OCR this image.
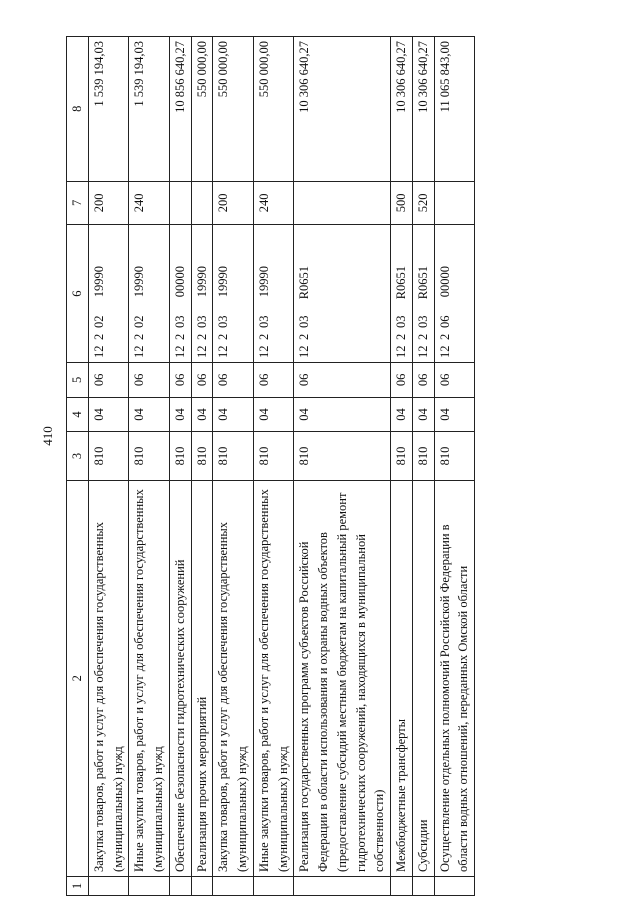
410
1	2	3	4	5	6	7	8
	Закупка товаров, работ и услуг для обеспечения государственных (муниципальных) нужд	810	04	06	1220219990	200	1 539 194,03
	Иные закупки товаров, работ и услуг для обеспечения государственных (муниципальных) нужд	810	04	06	1220219990	240	1 539 194,03
	Обеспечение безопасности гидротехнических сооружений	810	04	06	1220300000		10 856 640,27
	Реализация прочих мероприятий	810	04	06	1220319990		550 000,00
	Закупка товаров, работ и услуг для обеспечения государственных (муниципальных) нужд	810	04	06	1220319990	200	550 000,00
	Иные закупки товаров, работ и услуг для обеспечения государственных (муниципальных) нужд	810	04	06	1220319990	240	550 000,00
	Реализация государственных программ субъектов Российской Федерации в области использования и охраны водных объектов (предоставление субсидий местным бюджетам на капитальный ремонт гидротехнических сооружений, находящихся в муниципальной собственности)	810	04	06	12203R0651		10 306 640,27
	Межбюджетные трансферты	810	04	06	12203R0651	500	10 306 640,27
	Субсидии	810	04	06	12203R0651	520	10 306 640,27
	Осуществление отдельных полномочий Российской Федерации в области водных отношений, переданных Омской области	810	04	06	1220600000		11 065 843,00
